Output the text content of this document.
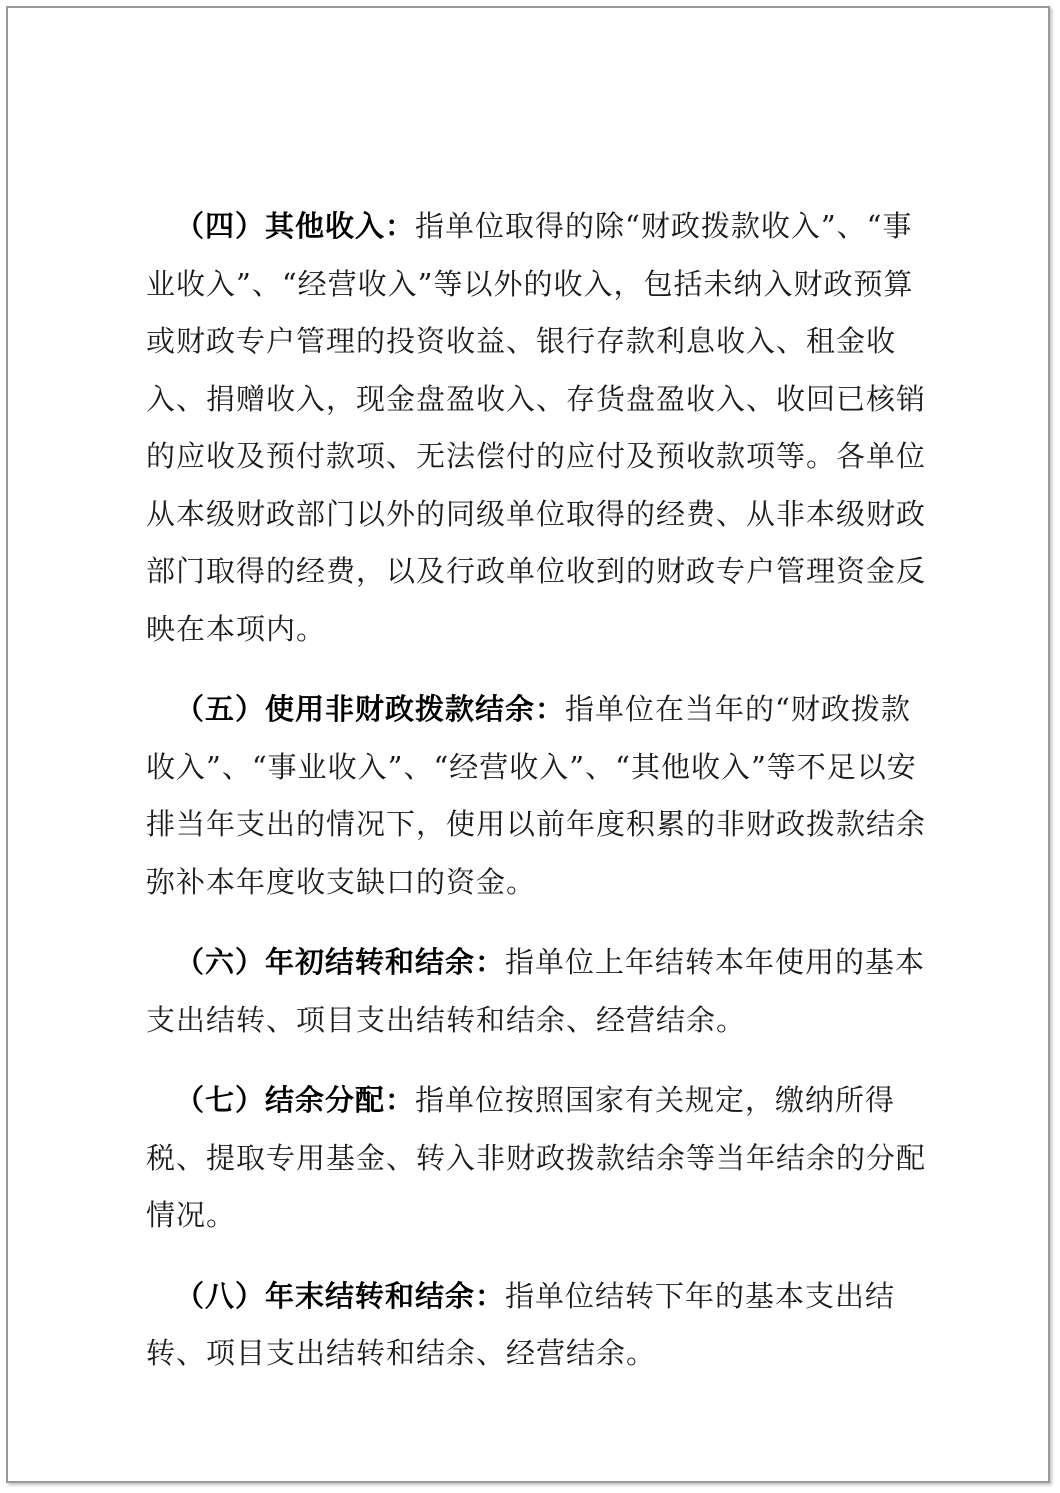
（四）其他收入：指单位取得的除“财政拨款收入”、“事业收入”、“经营收入”等以外的收入，包括未纳入财政预算或财政专户管理的投资收益、银行存款利息收入、租金收入、捐赠收入，现金盘盈收入、存货盘盈收入、收回已核销的应收及预付款项、无法偿付的应付及预收款项等。各单位从本级财政部门以外的同级单位取得的经费、从非本级财政部门取得的经费，以及行政单位收到的财政专户管理资金反映在本项内。

（五）使用非财政拨款结余：指单位在当年的“财政拨款收入”、“事业收入”、“经营收入”、“其他收入”等不足以安排当年支出的情况下，使用以前年度积累的非财政拨款结余弥补本年度收支缺口的资金。

（六）年初结转和结余：指单位上年结转本年使用的基本支出结转、项目支出结转和结余、经营结余。

（七）结余分配：指单位按照国家有关规定，缴纳所得税、提取专用基金、转入非财政拨款结余等当年结余的分配情况。

（八）年末结转和结余：指单位结转下年的基本支出结转、项目支出结转和结余、经营结余。
